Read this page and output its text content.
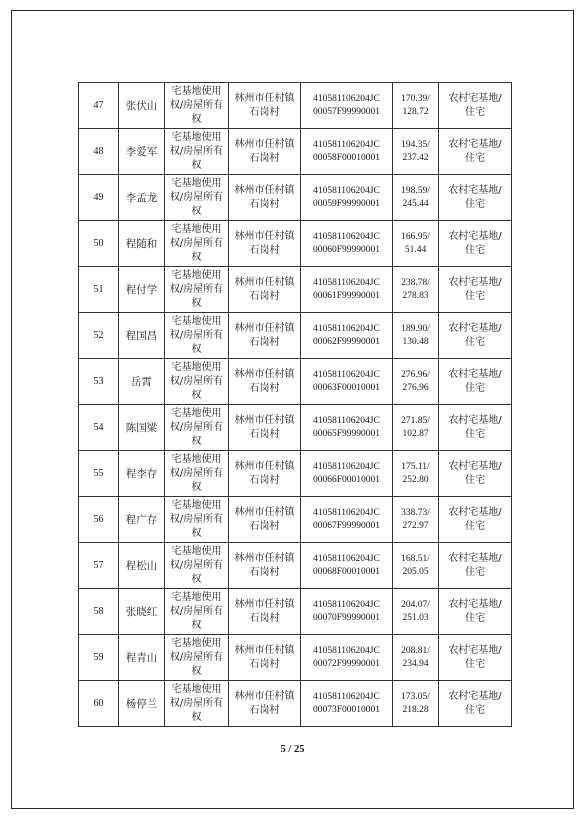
47	张伏山	宅基地使用
权/房屋所有
权	林州市任村镇
石岗村	410581106204JC
00057F99990001	170.39/
128.72	农村宅基地/
住宅

48	李爱军	宅基地使用
权/房屋所有
权	林州市任村镇
石岗村	410581106204JC
00058F00010001	194.35/
237.42	农村宅基地/
住宅

49	李孟龙	宅基地使用
权/房屋所有
权	林州市任村镇
石岗村	410581106204JC
00059F99990001	198.59/
245.44	农村宅基地/
住宅

50	程随和	宅基地使用
权/房屋所有
权	林州市任村镇
石岗村	410581106204JC
00060F99990001	166.95/
51.44	农村宅基地/
住宅

51	程付学	宅基地使用
权/房屋所有
权	林州市任村镇
石岗村	410581106204JC
00061F99990001	238.78/
278.83	农村宅基地/
住宅

52	程国昌	宅基地使用
权/房屋所有
权	林州市任村镇
石岗村	410581106204JC
00062F99990001	189.90/
130.48	农村宅基地/
住宅

53	岳霄	宅基地使用
权/房屋所有
权	林州市任村镇
石岗村	410581106204JC
00063F00010001	276.96/
276.96	农村宅基地/
住宅

54	陈国梁	宅基地使用
权/房屋所有
权	林州市任村镇
石岗村	410581106204JC
00065F99990001	271.85/
102.87	农村宅基地/
住宅

55	程李存	宅基地使用
权/房屋所有
权	林州市任村镇
石岗村	410581106204JC
00066F00010001	175.11/
252.80	农村宅基地/
住宅

56	程广存	宅基地使用
权/房屋所有
权	林州市任村镇
石岗村	410581106204JC
00067F99990001	338.73/
272.97	农村宅基地/
住宅

57	程松山	宅基地使用
权/房屋所有
权	林州市任村镇
石岗村	410581106204JC
00068F00010001	168.51/
205.05	农村宅基地/
住宅

58	张晓红	宅基地使用
权/房屋所有
权	林州市任村镇
石岗村	410581106204JC
00070F99990001	204.07/
251.03	农村宅基地/
住宅

59	程青山	宅基地使用
权/房屋所有
权	林州市任村镇
石岗村	410581106204JC
00072F99990001	208.81/
234.94	农村宅基地/
住宅

60	杨停兰	宅基地使用
权/房屋所有
权	林州市任村镇
石岗村	410581106204JC
00073F00010001	173.05/
218.28	农村宅基地/
住宅
5 / 25
